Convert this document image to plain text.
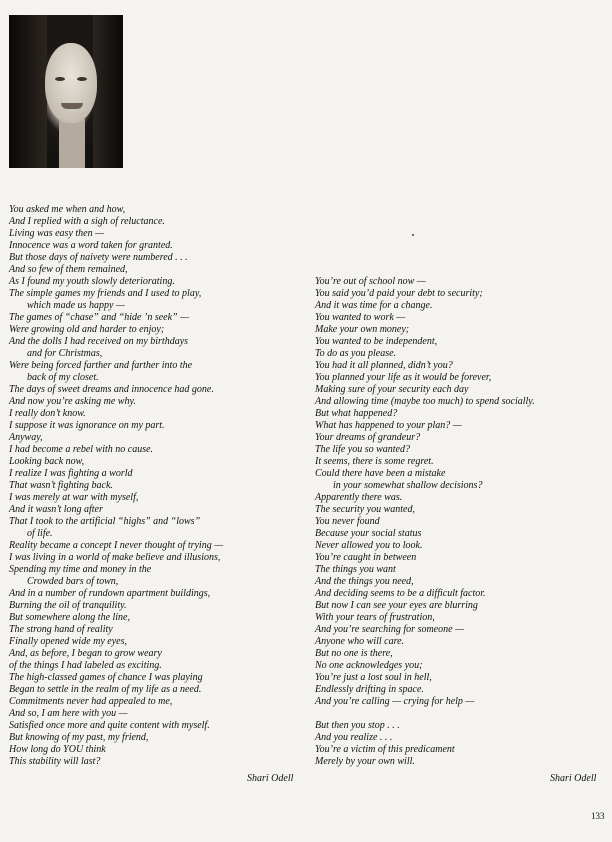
You asked me when and how,
And I replied with a sigh of reluctance.
Living was easy then —
Innocence was a word taken for granted.
But those days of naivety were numbered . . .
And so few of them remained,
As I found my youth slowly deteriorating.
The simple games my friends and I used to play,
which made us happy —
The games of “chase” and “hide ’n seek” —
Were growing old and harder to enjoy;
And the dolls I had received on my birthdays
and for Christmas,
Were being forced farther and farther into the
back of my closet.
The days of sweet dreams and innocence had gone.
And now you’re asking me why.
I really don’t know.
I suppose it was ignorance on my part.
Anyway,
I had become a rebel with no cause.
Looking back now,
I realize I was fighting a world
That wasn’t fighting back.
I was merely at war with myself,
And it wasn’t long after
That I took to the artificial “highs” and “lows”
of life.
Reality became a concept I never thought of trying —
I was living in a world of make believe and illusions,
Spending my time and money in the
Crowded bars of town,
And in a number of rundown apartment buildings,
Burning the oil of tranquility.
But somewhere along the line,
The strong hand of reality
Finally opened wide my eyes,
And, as before, I began to grow weary
of the things I had labeled as exciting.
The high-classed games of chance I was playing
Began to settle in the realm of my life as a need.
Commitments never had appealed to me,
And so, I am here with you —
Satisfied once more and quite content with myself.
But knowing of my past, my friend,
How long do YOU think
This stability will last?
You’re out of school now —
You said you’d paid your debt to security;
And it was time for a change.
You wanted to work —
Make your own money;
You wanted to be independent,
To do as you please.
You had it all planned, didn’t you?
You planned your life as it would be forever,
Making sure of your security each day
And allowing time (maybe too much) to spend socially.
But what happened?
What has happened to your plan? —
Your dreams of grandeur?
The life you so wanted?
It seems, there is some regret.
Could there have been a mistake
in your somewhat shallow decisions?
Apparently there was.
The security you wanted,
You never found
Because your social status
Never allowed you to look.
You’re caught in between
The things you want
And the things you need,
And deciding seems to be a difficult factor.
But now I can see your eyes are blurring
With your tears of frustration,
And you’re searching for someone —
Anyone who will care.
But no one is there,
No one acknowledges you;
You’re just a lost soul in hell,
Endlessly drifting in space.
And you’re calling — crying for help —
But then you stop . . .
And you realize . . .
You’re a victim of this predicament
Merely by your own will.
Shari Odell	Shari Odell
133
